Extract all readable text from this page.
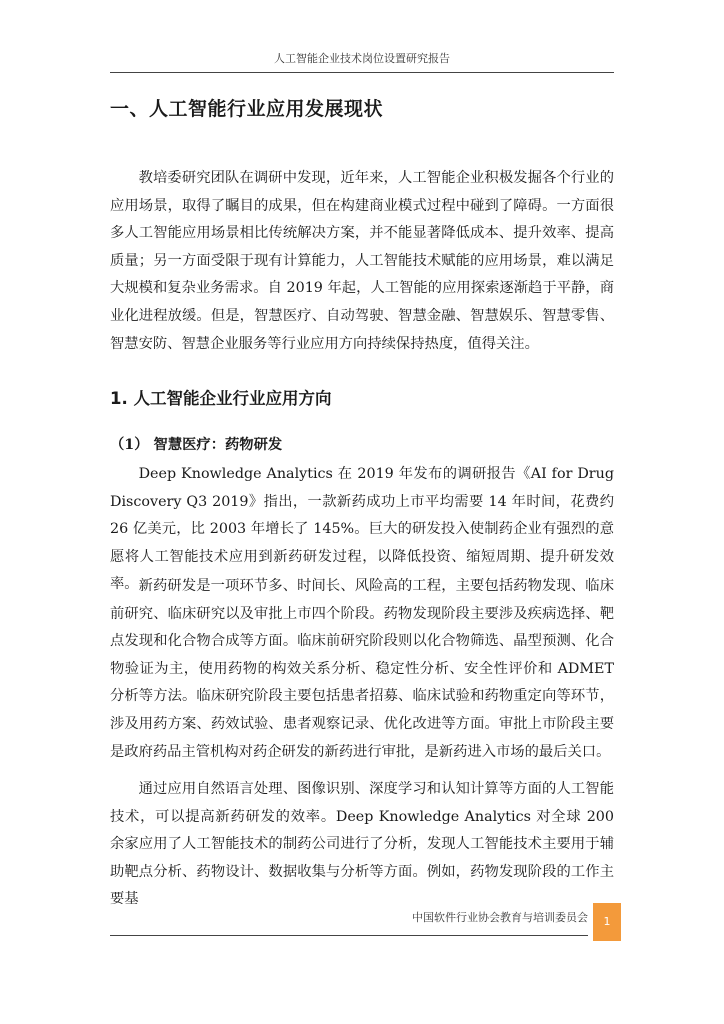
人工智能企业技术岗位设置研究报告
一、人工智能行业应用发展现状

教培委研究团队在调研中发现，近年来，人工智能企业积极发掘各个行业的应用场景，取得了瞩目的成果，但在构建商业模式过程中碰到了障碍。一方面很多人工智能应用场景相比传统解决方案，并不能显著降低成本、提升效率、提高质量；另一方面受限于现有计算能力，人工智能技术赋能的应用场景，难以满足大规模和复杂业务需求。自 2019 年起，人工智能的应用探索逐渐趋于平静，商业化进程放缓。但是，智慧医疗、自动驾驶、智慧金融、智慧娱乐、智慧零售、智慧安防、智慧企业服务等行业应用方向持续保持热度，值得关注。

1. 人工智能企业行业应用方向
（1） 智慧医疗：药物研发

Deep Knowledge Analytics 在 2019 年发布的调研报告《AI for Drug Discovery Q3 2019》指出，一款新药成功上市平均需要 14 年时间，花费约 26 亿美元，比 2003 年增长了 145%。巨大的研发投入使制药企业有强烈的意愿将人工智能技术应用到新药研发过程，以降低投资、缩短周期、提升研发效率。 新药研发是一项环节多、时间长、风险高的工程，主要包括药物发现、临床前研究、临床研究以及审批上市四个阶段。药物发现阶段主要涉及疾病选择、靶点发现和化合物合成等方面。临床前研究阶段则以化合物筛选、晶型预测、化合物验证为主，使用药物的构效关系分析、稳定性分析、安全性评价和 ADMET 分析等方法。临床研究阶段主要包括患者招募、临床试验和药物重定向等环节，涉及用药方案、药效试验、患者观察记录、优化改进等方面。审批上市阶段主要是政府药品主管机构对药企研发的新药进行审批，是新药进入市场的最后关口。

通过应用自然语言处理、图像识别、深度学习和认知计算等方面的人工智能技术，可以提高新药研发的效率。Deep Knowledge Analytics 对全球 200 余家应用了人工智能技术的制药公司进行了分析，发现人工智能技术主要用于辅助靶点分析、药物设计、数据收集与分析等方面。例如，药物发现阶段的工作主要基

中国软件行业协会教育与培训委员会	1
